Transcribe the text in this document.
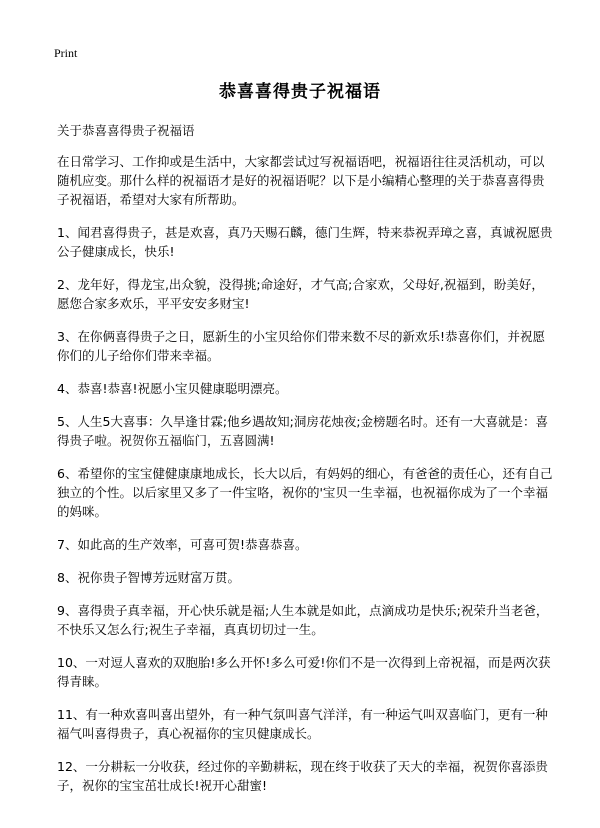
Print
恭喜喜得贵子祝福语

关于恭喜喜得贵子祝福语

在日常学习、工作抑或是生活中，大家都尝试过写祝福语吧，祝福语往往灵活机动，可以随机应变。那什么样的祝福语才是好的祝福语呢？以下是小编精心整理的关于恭喜喜得贵子祝福语，希望对大家有所帮助。

1、闻君喜得贵子，甚是欢喜，真乃天赐石麟，德门生辉，特来恭祝弄璋之喜，真诚祝愿贵公子健康成长，快乐!

2、龙年好，得龙宝,出众貌，没得挑;命途好，才气高;合家欢，父母好,祝福到，盼美好，愿您合家多欢乐，平平安安多财宝!

3、在你俩喜得贵子之日，愿新生的小宝贝给你们带来数不尽的新欢乐!恭喜你们，并祝愿你们的儿子给你们带来幸福。

4、恭喜!恭喜!祝愿小宝贝健康聪明漂亮。

5、人生5大喜事：久旱逢甘霖;他乡遇故知;洞房花烛夜;金榜题名时。还有一大喜就是：喜得贵子啦。祝贺你五福临门，五喜圆满!

6、希望你的宝宝健健康康地成长，长大以后，有妈妈的细心，有爸爸的责任心，还有自己独立的个性。以后家里又多了一件宝咯，祝你的'宝贝一生幸福，也祝福你成为了一个幸福的妈咪。

7、如此高的生产效率，可喜可贺!恭喜恭喜。

8、祝你贵子智博芳远财富万贯。

9、喜得贵子真幸福，开心快乐就是福;人生本就是如此，点滴成功是快乐;祝荣升当老爸，不快乐又怎么行;祝生子幸福，真真切切过一生。

10、一对逗人喜欢的双胞胎!多么开怀!多么可爱!你们不是一次得到上帝祝福，而是两次获得青睐。

11、有一种欢喜叫喜出望外，有一种气氛叫喜气洋洋，有一种运气叫双喜临门，更有一种福气叫喜得贵子，真心祝福你的宝贝健康成长。

12、一分耕耘一分收获，经过你的辛勤耕耘，现在终于收获了天大的幸福，祝贺你喜添贵子，祝你的宝宝茁壮成长!祝开心甜蜜!
